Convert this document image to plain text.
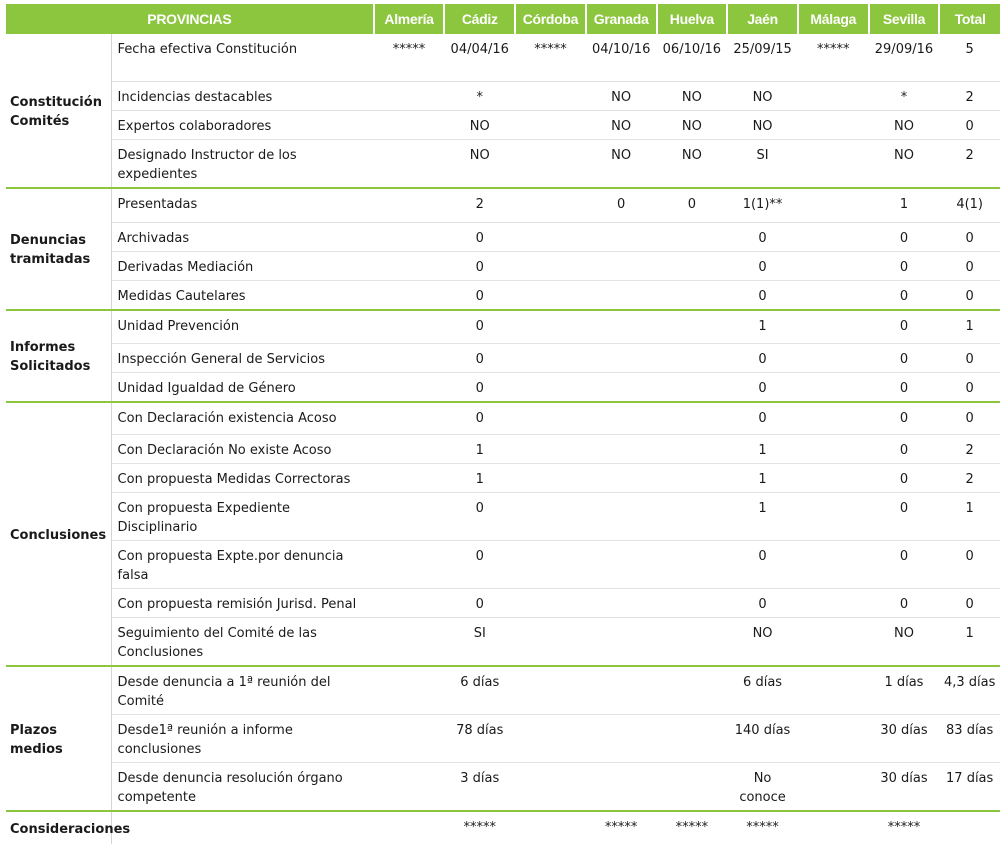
PROVINCIAS		Almería	Cádiz	Córdoba	Granada	Huelva	Jaén	Málaga	Sevilla	Total
Constitución Comités	Fecha efectiva Constitución	*****	04/04/16	*****	04/10/16	06/10/16	25/09/15	*****	29/09/16	5
	Incidencias destacables		*		NO	NO	NO		*	2
	Expertos colaboradores		NO		NO	NO	NO		NO	0
	Designado Instructor de los expedientes		NO		NO	NO	SI		NO	2
Denuncias tramitadas	Presentadas		2		0	0	1(1)**		1	4(1)
	Archivadas		0				0		0	0
	Derivadas Mediación		0				0		0	0
	Medidas Cautelares		0				0		0	0
Informes Solicitados	Unidad Prevención		0				1		0	1
	Inspección General de Servicios		0				0		0	0
	Unidad Igualdad de Género		0				0		0	0
Conclusiones	Con Declaración existencia Acoso		0				0		0	0
	Con Declaración No existe Acoso		1				1		0	2
	Con propuesta Medidas Correctoras		1				1		0	2
	Con propuesta Expediente Disciplinario		0				1		0	1
	Con propuesta Expte.por denuncia falsa		0				0		0	0
	Con propuesta remisión Jurisd. Penal		0				0		0	0
	Seguimiento del Comité de las Conclusiones		SI				NO		NO	1
Plazos medios	Desde denuncia a 1ª reunión del Comité		6 días				6 días		1 días	4,3 días
	Desde1ª reunión a informe conclusiones		78 días				140 días		30 días	83 días
	Desde denuncia resolución órgano competente		3 días				No conoce		30 días	17 días
Consideraciones			*****		*****	*****	*****		*****	
